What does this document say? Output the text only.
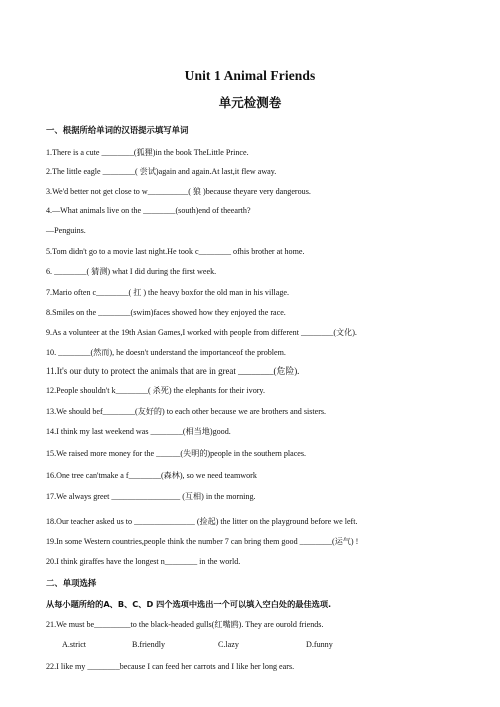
Unit 1 Animal Friends
单元检测卷
一、根据所给单词的汉语提示填写单词
1.There is a cute ________(狐狸)in the book TheLittle Prince.
2.The little eagle ________( 尝试)again and again.At last,it flew away.
3.We'd better not get close to w__________( 狼 )because theyare very dangerous.
4.—What animals live on the ________(south)end of theearth?
—Penguins.
5.Tom didn't go to a movie last night.He took c________ ofhis brother at home.
6. ________( 猜测) what I did during the first week.
7.Mario often c________( 扛 ) the heavy boxfor the old man in his village.
8.Smiles on the ________(swim)faces showed how they enjoyed the race.
9.As a volunteer at the 19th Asian Games,I worked with people from different ________(文化).
10. ________(然而), he doesn't understand the importanceof the problem.
11.It's our duty to protect the animals that are in great ________(危险).
12.People shouldn't k________( 杀死) the elephants for their ivory.
13.We should bef________(友好的) to each other because we are brothers and sisters.
14.I think my last weekend was ________(相当地)good.
15.We raised more money for the ______(失明的)people in the southern places.
16.One tree can'tmake a f________(森林), so we need teamwork
17.We always greet _________________ (互相) in the morning.
18.Our teacher asked us to _______________ (捡起) the litter on the playground before we left.
19.In some Western countries,people think the number 7 can bring them good ________(运气) !
20.I think giraffes have the longest n________ in the world.
二、单项选择
从每小题所给的A、B、C、D 四个选项中选出一个可以填入空白处的最佳选项.
21.We must be_________to the black-headed gulls(红嘴鸥). They are ourold friends.
A.strict	B.friendly	C.lazy	D.funny
22.I like my ________because I can feed her carrots and I like her long ears.
